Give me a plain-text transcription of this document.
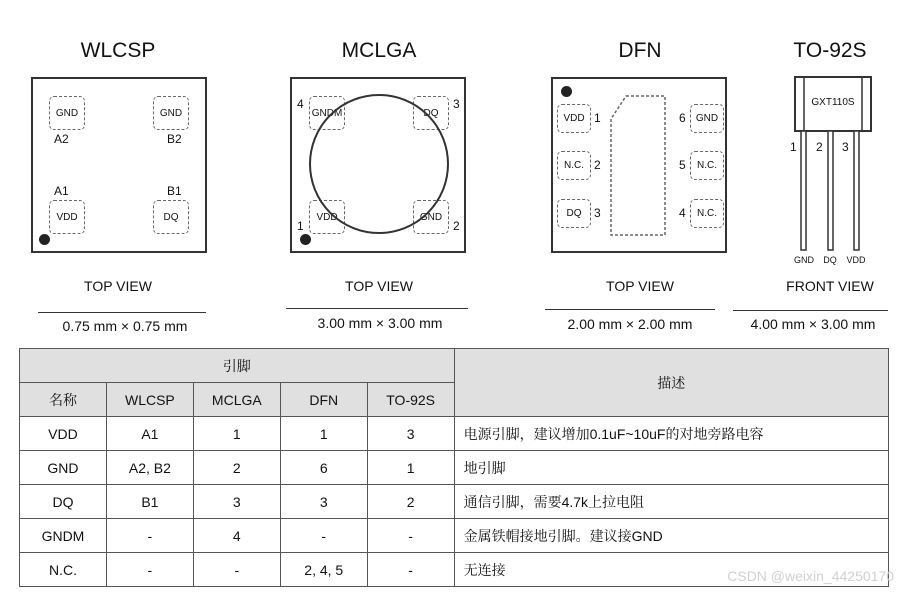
WLCSP	MCLGA	DFN	TO-92S
GND	GND
A2	B2
A1	B1
VDD	DQ
GNDM	DQ
VDD	GND
4	3
1	2
VDD
N.C.
DQ
1
2
3
GND
N.C.
N.C.
6
5
4
GXT110S
1 2 3
GND	DQ	VDD
TOP VIEW	TOP VIEW	TOP VIEW	FRONT VIEW
0.75 mm × 0.75 mm	3.00 mm × 3.00 mm	2.00 mm × 2.00 mm	4.00 mm × 3.00 mm
引脚					描述
名称	WLCSP	MCLGA	DFN	TO-92S	
VDD	A1	1	1	3	电源引脚，建议增加0.1uF~10uF的对地旁路电容
GND	A2, B2	2	6	1	地引脚
DQ	B1	3	3	2	通信引脚，需要4.7k上拉电阻
GNDM	-	4	-	-	金属铁帽接地引脚。建议接GND
N.C.	-	-	2, 4, 5	-	无连接	CSDN @weixin_44250170
